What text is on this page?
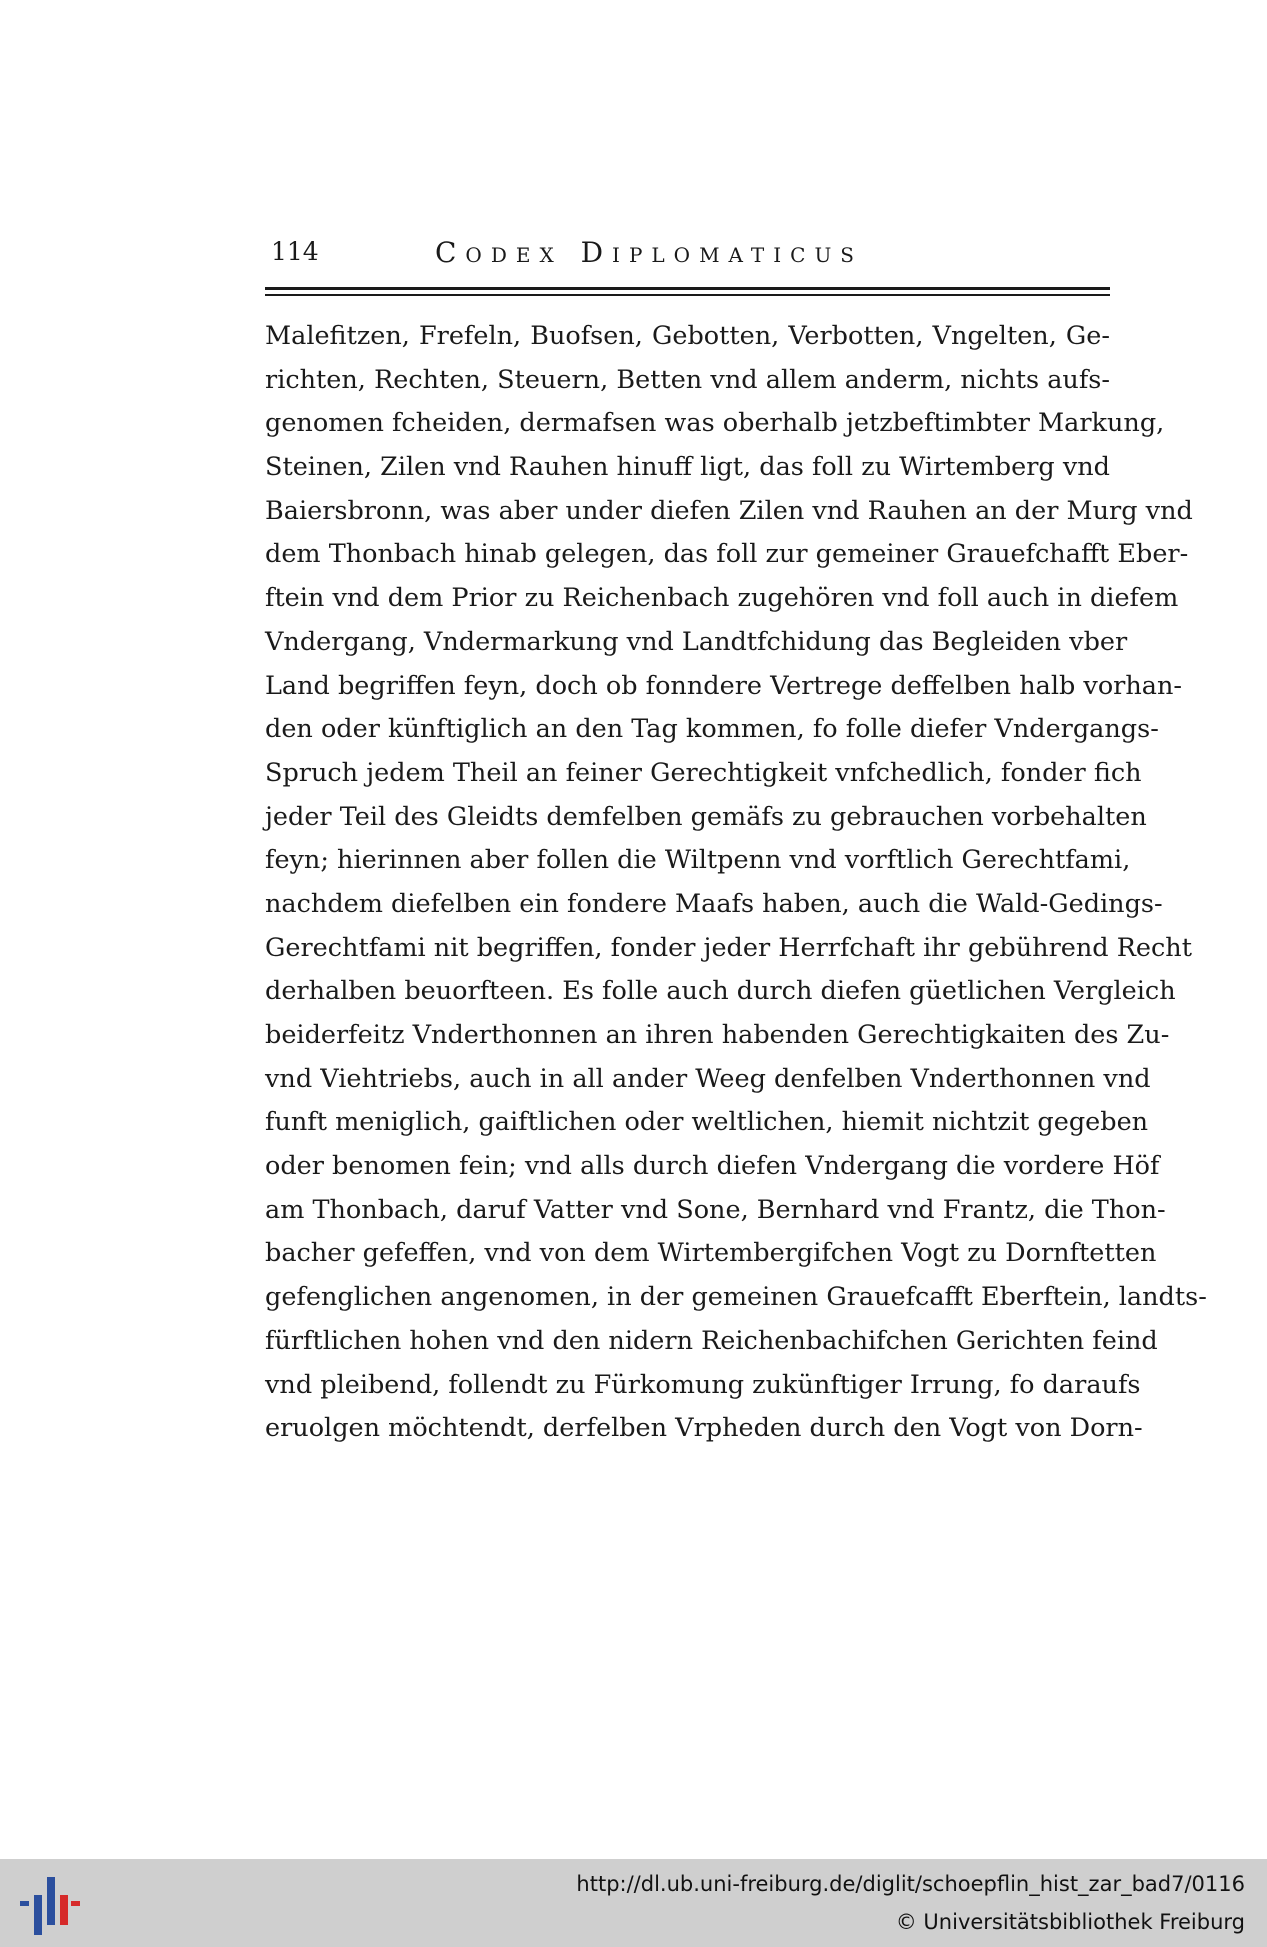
114	Codex Diplomaticus
Malefitzen, Frefeln, Buofsen, Gebotten, Verbotten, Vngelten, Ge-
richten, Rechten, Steuern, Betten vnd allem anderm, nichts aufs-
genomen fcheiden, dermafsen was oberhalb jetzbeftimbter Markung,
Steinen, Zilen vnd Rauhen hinuff ligt, das foll zu Wirtemberg vnd
Baiersbronn, was aber under diefen Zilen vnd Rauhen an der Murg vnd
dem Thonbach hinab gelegen, das foll zur gemeiner Grauefchafft Eber-
ftein vnd dem Prior zu Reichenbach zugehören vnd foll auch in diefem
Vndergang, Vndermarkung vnd Landtfchidung das Begleiden vber
Land begriffen feyn, doch ob fonndere Vertrege deffelben halb vorhan-
den oder künftiglich an den Tag kommen, fo folle diefer Vndergangs-
Spruch jedem Theil an feiner Gerechtigkeit vnfchedlich, fonder fich
jeder Teil des Gleidts demfelben gemäfs zu gebrauchen vorbehalten
feyn; hierinnen aber follen die Wiltpenn vnd vorftlich Gerechtfami,
nachdem diefelben ein fondere Maafs haben, auch die Wald-Gedings-
Gerechtfami nit begriffen, fonder jeder Herrfchaft ihr gebührend Recht
derhalben beuorfteen. Es folle auch durch diefen güetlichen Vergleich
beiderfeitz Vnderthonnen an ihren habenden Gerechtigkaiten des Zu-
vnd Viehtriebs, auch in all ander Weeg denfelben Vnderthonnen vnd
funft meniglich, gaiftlichen oder weltlichen, hiemit nichtzit gegeben
oder benomen fein; vnd alls durch diefen Vndergang die vordere Höf
am Thonbach, daruf Vatter vnd Sone, Bernhard vnd Frantz, die Thon-
bacher gefeffen, vnd von dem Wirtembergifchen Vogt zu Dornftetten
gefenglichen angenomen, in der gemeinen Grauefcafft Eberftein, landts-
fürftlichen hohen vnd den nidern Reichenbachifchen Gerichten feind
vnd pleibend, follendt zu Fürkomung zukünftiger Irrung, fo daraufs
eruolgen möchtendt, derfelben Vrpheden durch den Vogt von Dorn-
http://dl.ub.uni-freiburg.de/diglit/schoepflin_hist_zar_bad7/0116
© Universitätsbibliothek Freiburg
